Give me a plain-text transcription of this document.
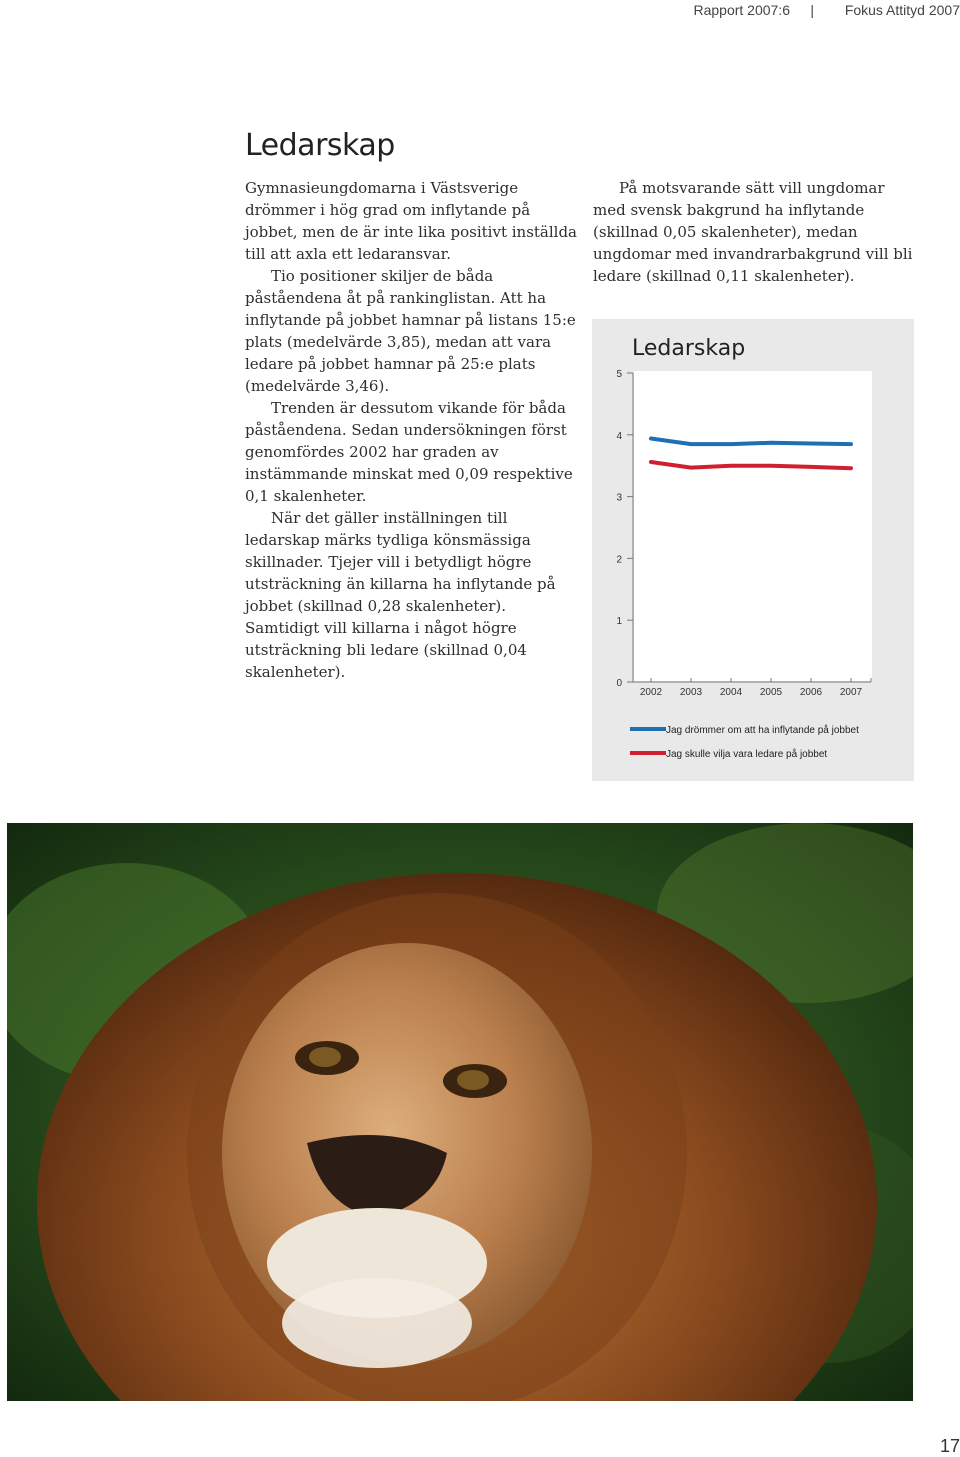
Rapport 2007:6 | Fokus Attityd 2007
Ledarskap

Gymnasieungdomarna i Västsverige drömmer i hög grad om inflytande på jobbet, men de är inte lika positivt inställda till att axla ett ledaransvar.

Tio positioner skiljer de båda påståendena åt på rankinglistan. Att ha inflytande på jobbet hamnar på listans 15:e plats (medelvärde 3,85), medan att vara ledare på jobbet hamnar på 25:e plats (medelvärde 3,46).

Trenden är dessutom vikande för båda påståendena. Sedan undersökningen först genomfördes 2002 har graden av instämmande minskat med 0,09 respektive 0,1 skalenheter.

När det gäller inställningen till ledarskap märks tydliga könsmässiga skillnader. Tjejer vill i betydligt högre utsträckning än killarna ha inflytande på jobbet (skillnad 0,28 skalenheter). Samtidigt vill killarna i något högre utsträckning bli ledare (skillnad 0,04 skalenheter).

På motsvarande sätt vill ungdomar med svensk bakgrund ha inflytande (skillnad 0,05 skalenheter), medan ungdomar med invandrarbakgrund vill bli ledare (skillnad 0,11 skalenheter).

Ledarskap
0
1
2
3
4
5
2002 2003 2004 2005 2006 2007
Jag drömmer om att ha inflytande på jobbet
Jag skulle vilja vara ledare på jobbet
17
